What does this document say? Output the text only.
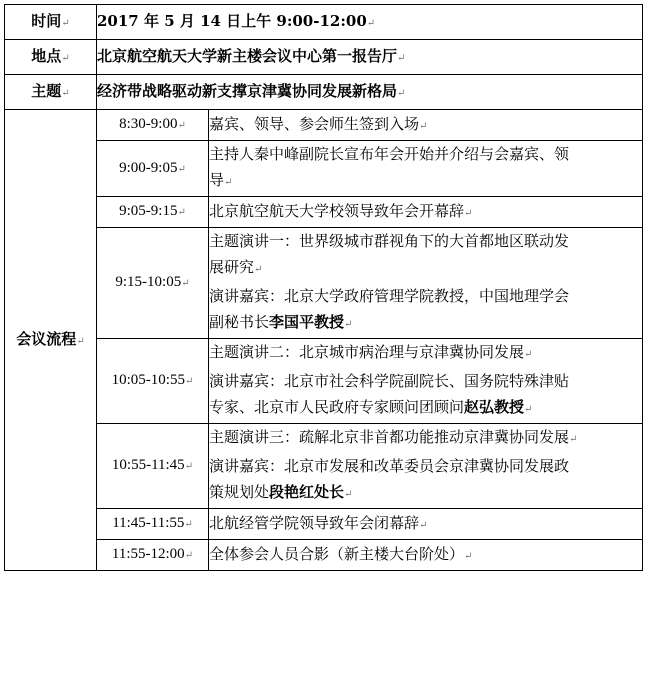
时间↵	2017 年 5 月 14 日上午 9:00-12:00↵	
地点↵	北京航空航天大学新主楼会议中心第一报告厅↵	
主题↵	经济带战略驱动新支撑京津冀协同发展新格局↵	
会议流程↵	8:30-9:00↵	嘉宾、领导、参会师生签到入场↵

	9:00-9:05↵	主持人秦中峰副院长宣布年会开始并介绍与会嘉宾、领
导↵

	9:05-9:15↵	北京航空航天大学校领导致年会开幕辞↵

	9:15-10:05↵	主题演讲一：世界级城市群视角下的大首都地区联动发
展研究↵
演讲嘉宾：北京大学政府管理学院教授，中国地理学会
副秘书长李国平教授↵

	10:05-10:55↵	主题演讲二：北京城市病治理与京津冀协同发展↵
演讲嘉宾：北京市社会科学院副院长、国务院特殊津贴
专家、北京市人民政府专家顾问团顾问赵弘教授↵

	10:55-11:45↵	主题演讲三：疏解北京非首都功能推动京津冀协同发展↵
演讲嘉宾：北京市发展和改革委员会京津冀协同发展政
策规划处段艳红处长↵

	11:45-11:55↵	北航经管学院领导致年会闭幕辞↵

	11:55-12:00↵	全体参会人员合影（新主楼大台阶处）↵
